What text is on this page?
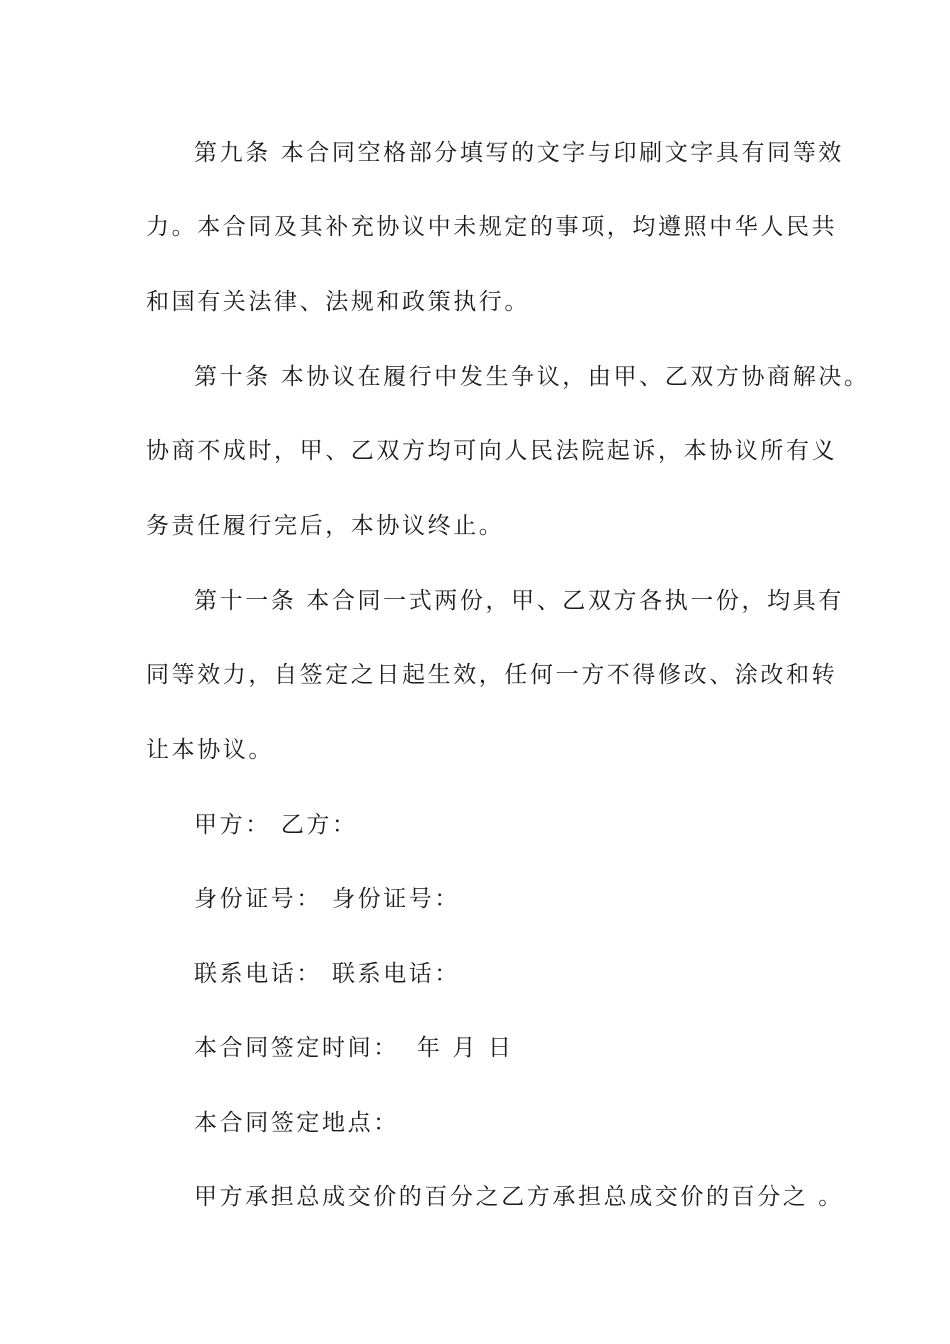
第九条 本合同空格部分填写的文字与印刷文字具有同等效
力。本合同及其补充协议中未规定的事项，均遵照中华人民共
和国有关法律、法规和政策执行。
第十条 本协议在履行中发生争议，由甲、乙双方协商解决。
协商不成时，甲、乙双方均可向人民法院起诉，本协议所有义
务责任履行完后，本协议终止。
第十一条 本合同一式两份，甲、乙双方各执一份，均具有
同等效力，自签定之日起生效，任何一方不得修改、涂改和转
让本协议。
甲方： 乙方：
身份证号： 身份证号：
联系电话： 联系电话：
本合同签定时间： 年 月 日
本合同签定地点：
甲方承担总成交价的百分之乙方承担总成交价的百分之 。
